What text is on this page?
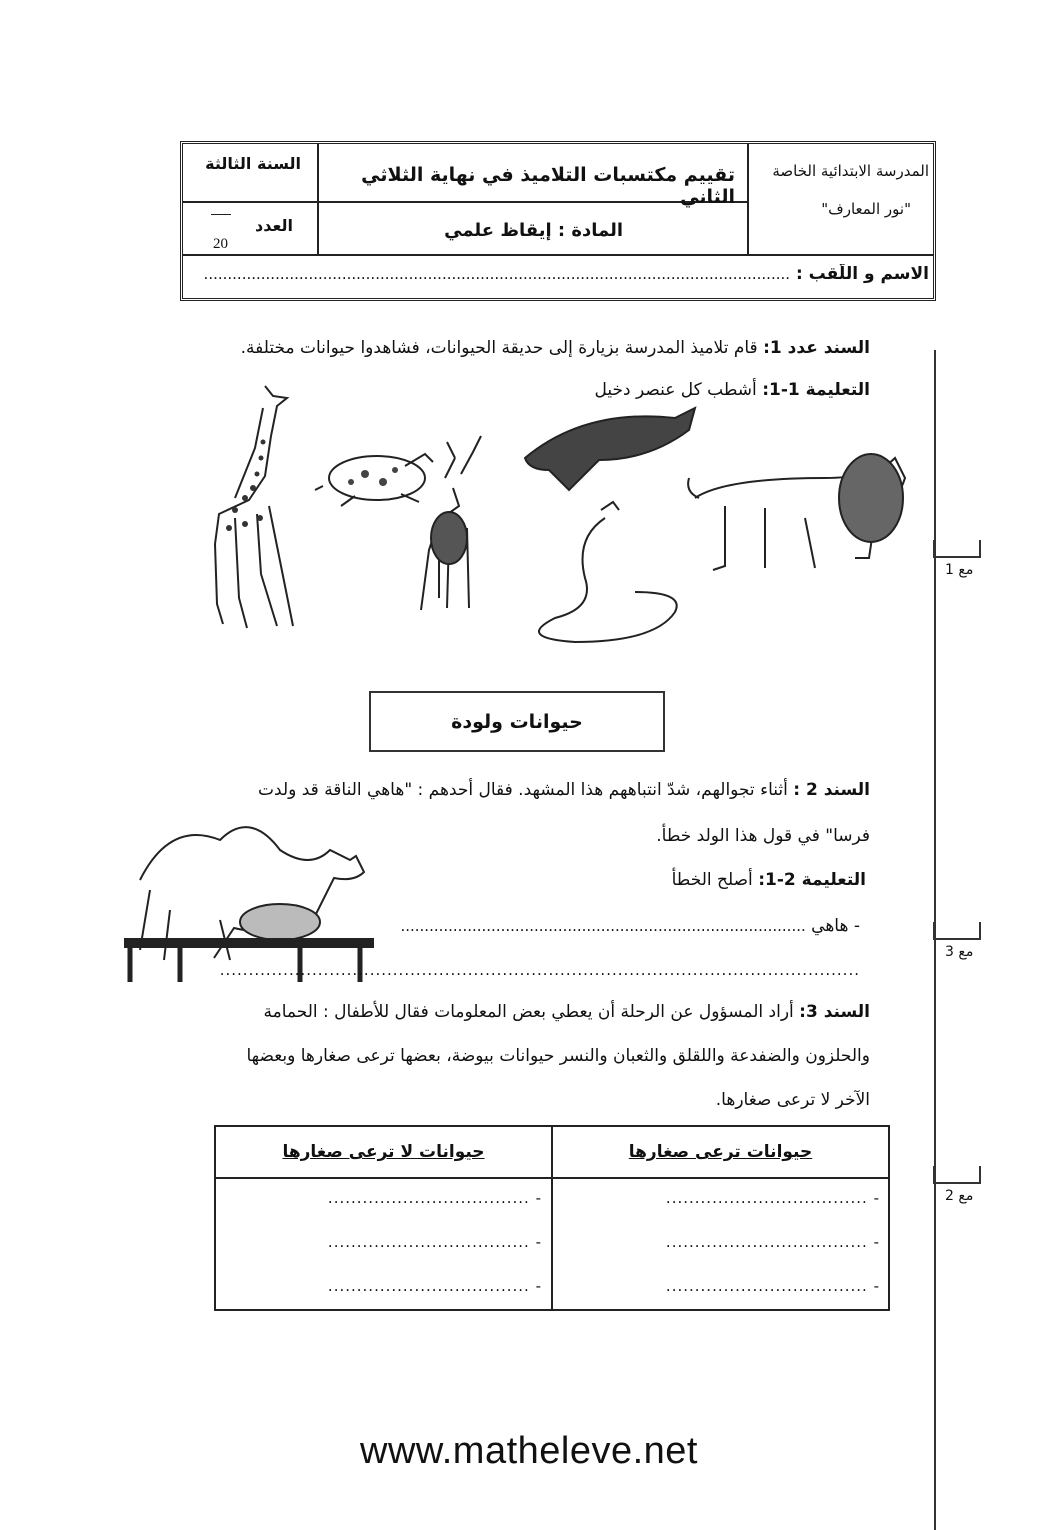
المدرسة الابتدائية الخاصة
"نور المعارف"
تقييم مكتسبات التلاميذ في نهاية الثلاثي الثاني
المادة : إيقاظ علمي
السنة الثالثة
العدد
20
الاسم و اللّقب : ...........................................................................................................................
مع 1
مع 3
مع 2
السند عدد 1: قام تلاميذ المدرسة بزيارة إلى حديقة الحيوانات، فشاهدوا حيوانات مختلفة.
التعليمة 1-1: أشطب كل عنصر دخيل
حيوانات ولودة
السند 2 : أثناء تجوالهم، شدّ انتباههم هذا المشهد. فقال أحدهم : "هاهي الناقة قد ولدت
فرسا" في قول هذا الولد خطأ.
التعليمة 2-1: أصلح الخطأ
- هاهي .....................................................................................
...............................................................................................................
السند 3: أراد المسؤول عن الرحلة أن يعطي بعض المعلومات فقال للأطفال : الحمامة
والحلزون والضفدعة واللقلق والثعبان والنسر حيوانات بيوضة، بعضها ترعى صغارها وبعضها
الآخر لا ترعى صغارها.
حيوانات ترعى صغارها
حيوانات لا ترعى صغارها
- ...................................
- ...................................
- ...................................
- ...................................
- ...................................
- ...................................
www.matheleve.net
